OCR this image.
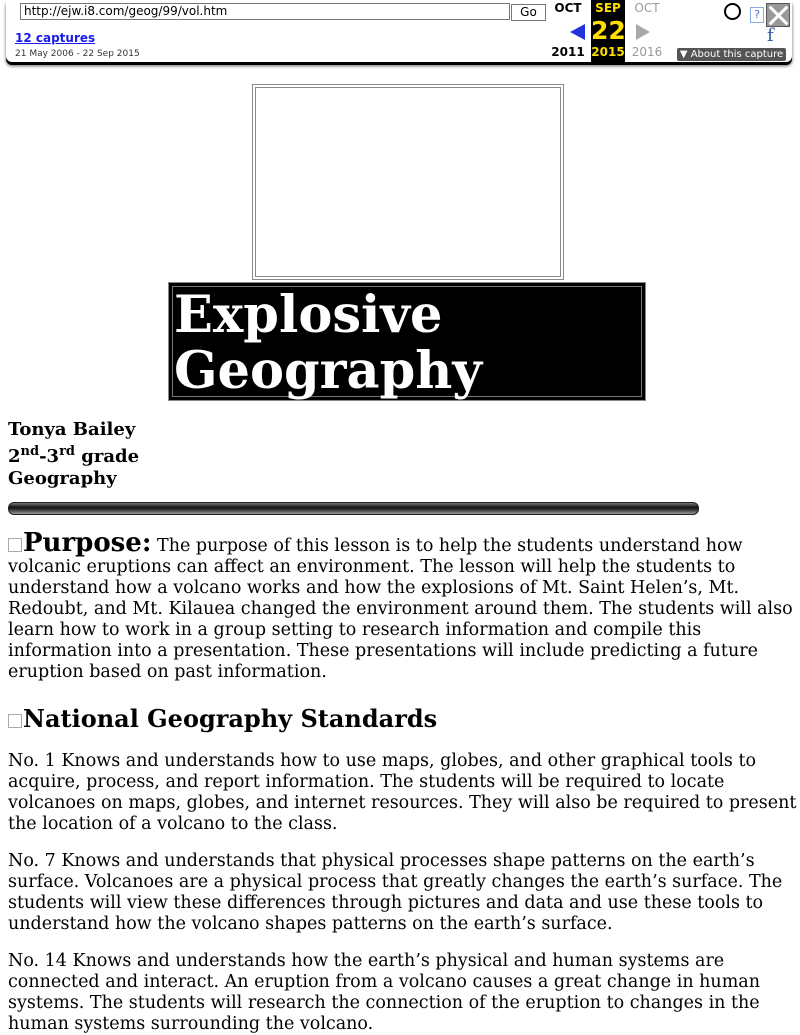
http://ejw.i8.com/geog/99/vol.htm	Go
12 captures
21 May 2006 - 22 Sep 2015
OCT
2011
SEP
22
2015
OCT
2016
?
f
▼ About this capture
Explosive
Geography
Tonya Bailey
2nd-3rd grade
Geography

Purpose: The purpose of this lesson is to help the students understand how volcanic eruptions can affect an environment. The lesson will help the students to understand how a volcano works and how the explosions of Mt. Saint Helen’s, Mt. Redoubt, and Mt. Kilauea changed the environment around them. The students will also learn how to work in a group setting to research information and compile this information into a presentation. These presentations will include predicting a future eruption based on past information.

National Geography Standards

No. 1 Knows and understands how to use maps, globes, and other graphical tools to acquire, process, and report information. The students will be required to locate volcanoes on maps, globes, and internet resources. They will also be required to present the location of a volcano to the class.

No. 7 Knows and understands that physical processes shape patterns on the earth’s surface. Volcanoes are a physical process that greatly changes the earth’s surface. The students will view these differences through pictures and data and use these tools to understand how the volcano shapes patterns on the earth’s surface.

No. 14 Knows and understands how the earth’s physical and human systems are connected and interact. An eruption from a volcano causes a great change in human systems. The students will research the connection of the eruption to changes in the human systems surrounding the volcano.
